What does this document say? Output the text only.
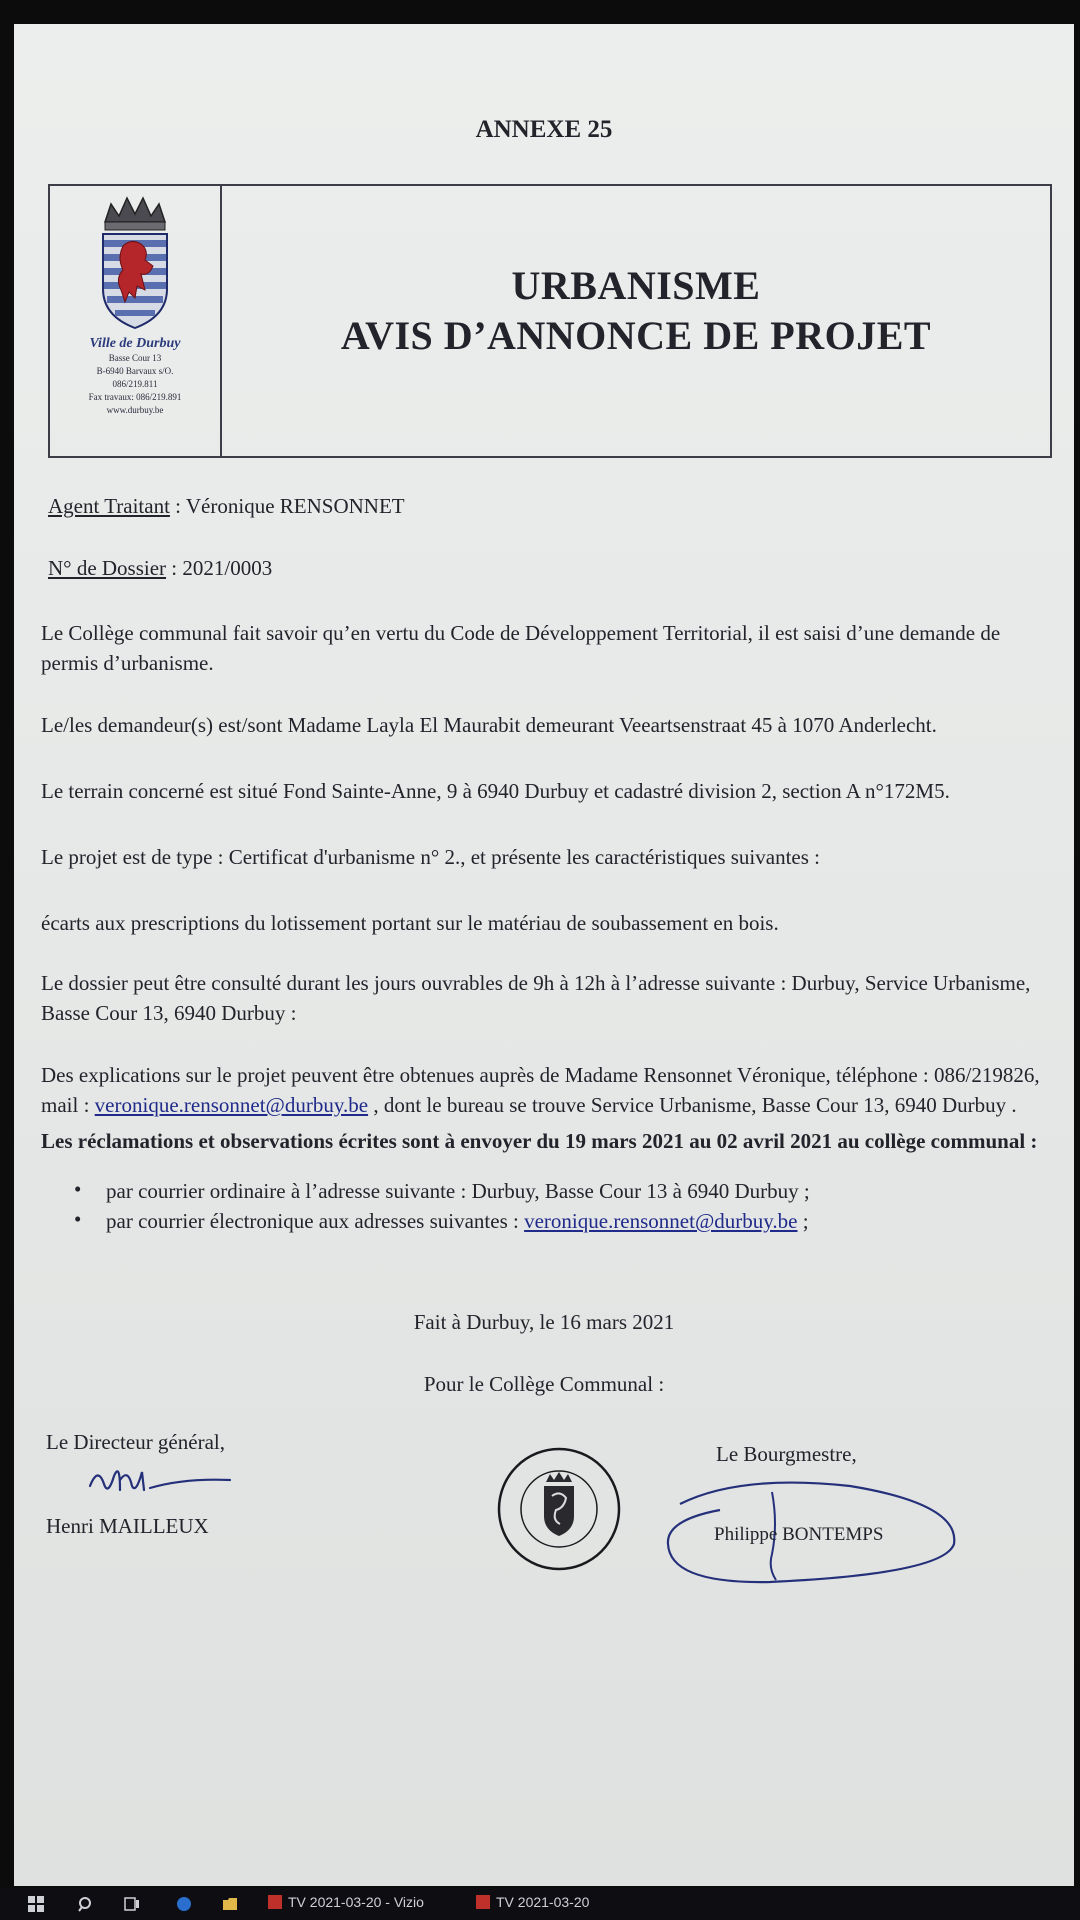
ANNEXE 25
Ville de Durbuy
Basse Cour 13
B-6940 Barvaux s/O.
086/219.811
Fax travaux: 086/219.891
www.durbuy.be
URBANISME
AVIS D’ANNONCE DE PROJET
Agent Traitant : Véronique RENSONNET
N° de Dossier : 2021/0003
Le Collège communal fait savoir qu’en vertu du Code de Développement Territorial, il est saisi d’une demande de permis d’urbanisme.
Le/les demandeur(s) est/sont Madame Layla El Maurabit demeurant Veeartsenstraat 45 à 1070 Anderlecht.
Le terrain concerné est situé Fond Sainte-Anne, 9 à 6940 Durbuy et cadastré division 2, section A n°172M5.
Le projet est de type : Certificat d'urbanisme n° 2., et présente les caractéristiques suivantes :
écarts aux prescriptions du lotissement portant sur le matériau de soubassement en bois.
Le dossier peut être consulté durant les jours ouvrables de 9h à 12h à l’adresse suivante : Durbuy, Service Urbanisme, Basse Cour 13, 6940 Durbuy :
Des explications sur le projet peuvent être obtenues auprès de Madame Rensonnet Véronique, téléphone : 086/219826, mail : veronique.rensonnet@durbuy.be , dont le bureau se trouve Service Urbanisme, Basse Cour 13, 6940 Durbuy .
Les réclamations et observations écrites sont à envoyer du 19 mars 2021 au 02 avril 2021 au collège communal :
• par courrier ordinaire à l’adresse suivante : Durbuy, Basse Cour 13 à 6940 Durbuy ;
• par courrier électronique aux adresses suivantes : veronique.rensonnet@durbuy.be ;
Fait à Durbuy, le 16 mars 2021
Pour le Collège Communal :
Le Directeur général,
Henri MAILLEUX
Le Bourgmestre,
Philippe BONTEMPS
TV 2021-03-20 - Vizio	TV 2021-03-20
